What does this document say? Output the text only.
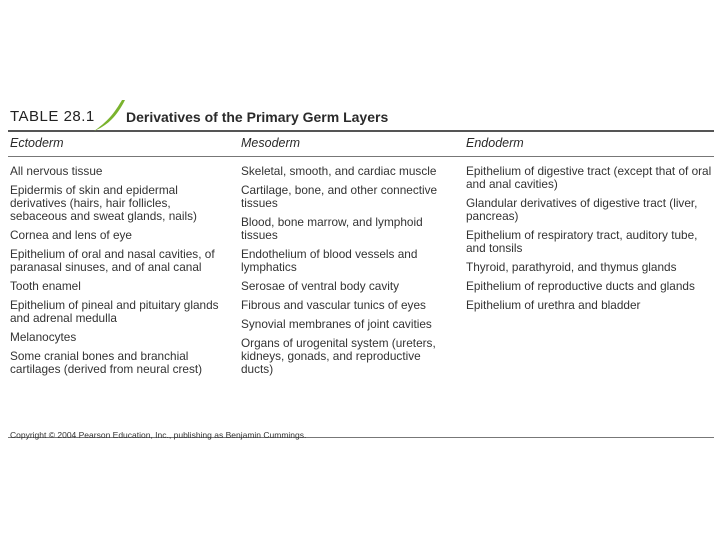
TABLE 28.1 Derivatives of the Primary Germ Layers
Ectoderm	Mesoderm	Endoderm
All nervous tissue
Epidermis of skin and epidermal derivatives (hairs, hair follicles, sebaceous and sweat glands, nails)
Cornea and lens of eye
Epithelium of oral and nasal cavities, of paranasal sinuses, and of anal canal
Tooth enamel
Epithelium of pineal and pituitary glands and adrenal medulla
Melanocytes
Some cranial bones and branchial cartilages (derived from neural crest)
Skeletal, smooth, and cardiac muscle
Cartilage, bone, and other connective tissues
Blood, bone marrow, and lymphoid tissues
Endothelium of blood vessels and lymphatics
Serosae of ventral body cavity
Fibrous and vascular tunics of eyes
Synovial membranes of joint cavities
Organs of urogenital system (ureters, kidneys, gonads, and reproductive ducts)
Epithelium of digestive tract (except that of oral and anal cavities)
Glandular derivatives of digestive tract (liver, pancreas)
Epithelium of respiratory tract, auditory tube, and tonsils
Thyroid, parathyroid, and thymus glands
Epithelium of reproductive ducts and glands
Epithelium of urethra and bladder
Copyright © 2004 Pearson Education, Inc., publishing as Benjamin Cummings.
